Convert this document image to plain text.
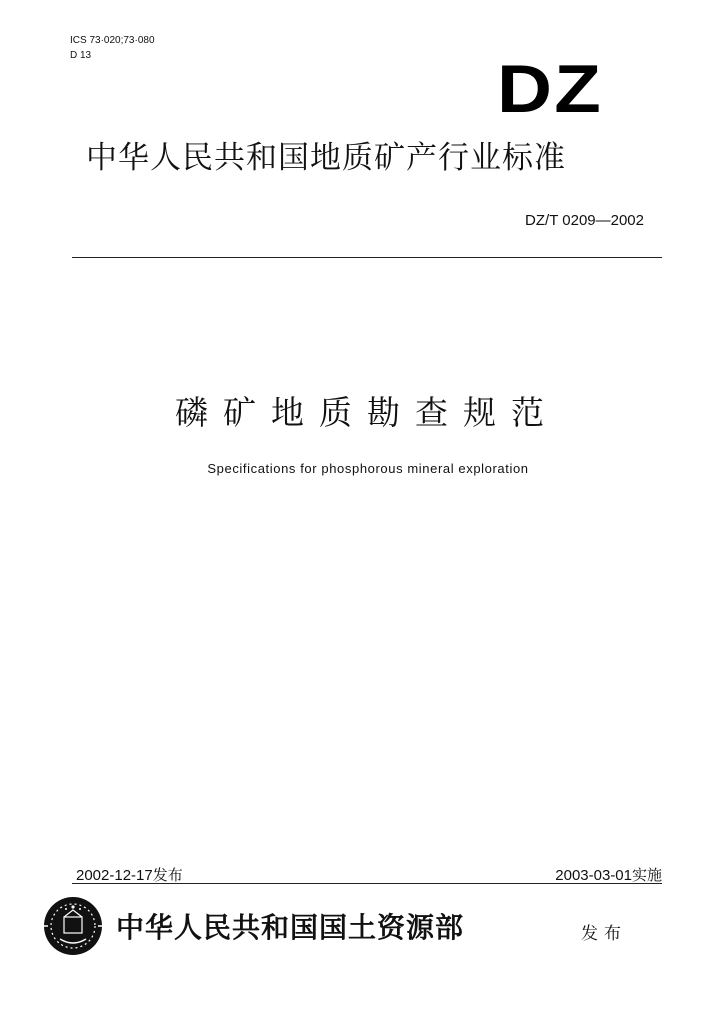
ICS 73·020;73·080
D 13	DZ
中华人民共和国地质矿产行业标准
DZ/T 0209—2002
磷矿地质勘查规范
Specifications for phosphorous mineral exploration
2002-12-17发布	2003-03-01实施
中华人民共和国国土资源部	发布
